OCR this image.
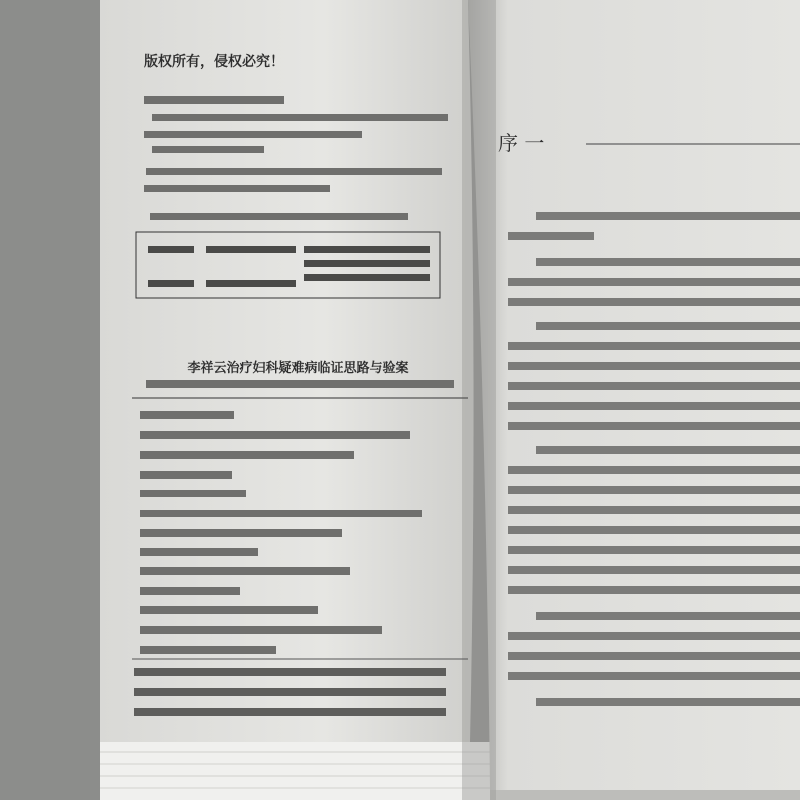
版权所有，侵权必究！
序 一
李祥云治疗妇科疑难病临证思路与验案
